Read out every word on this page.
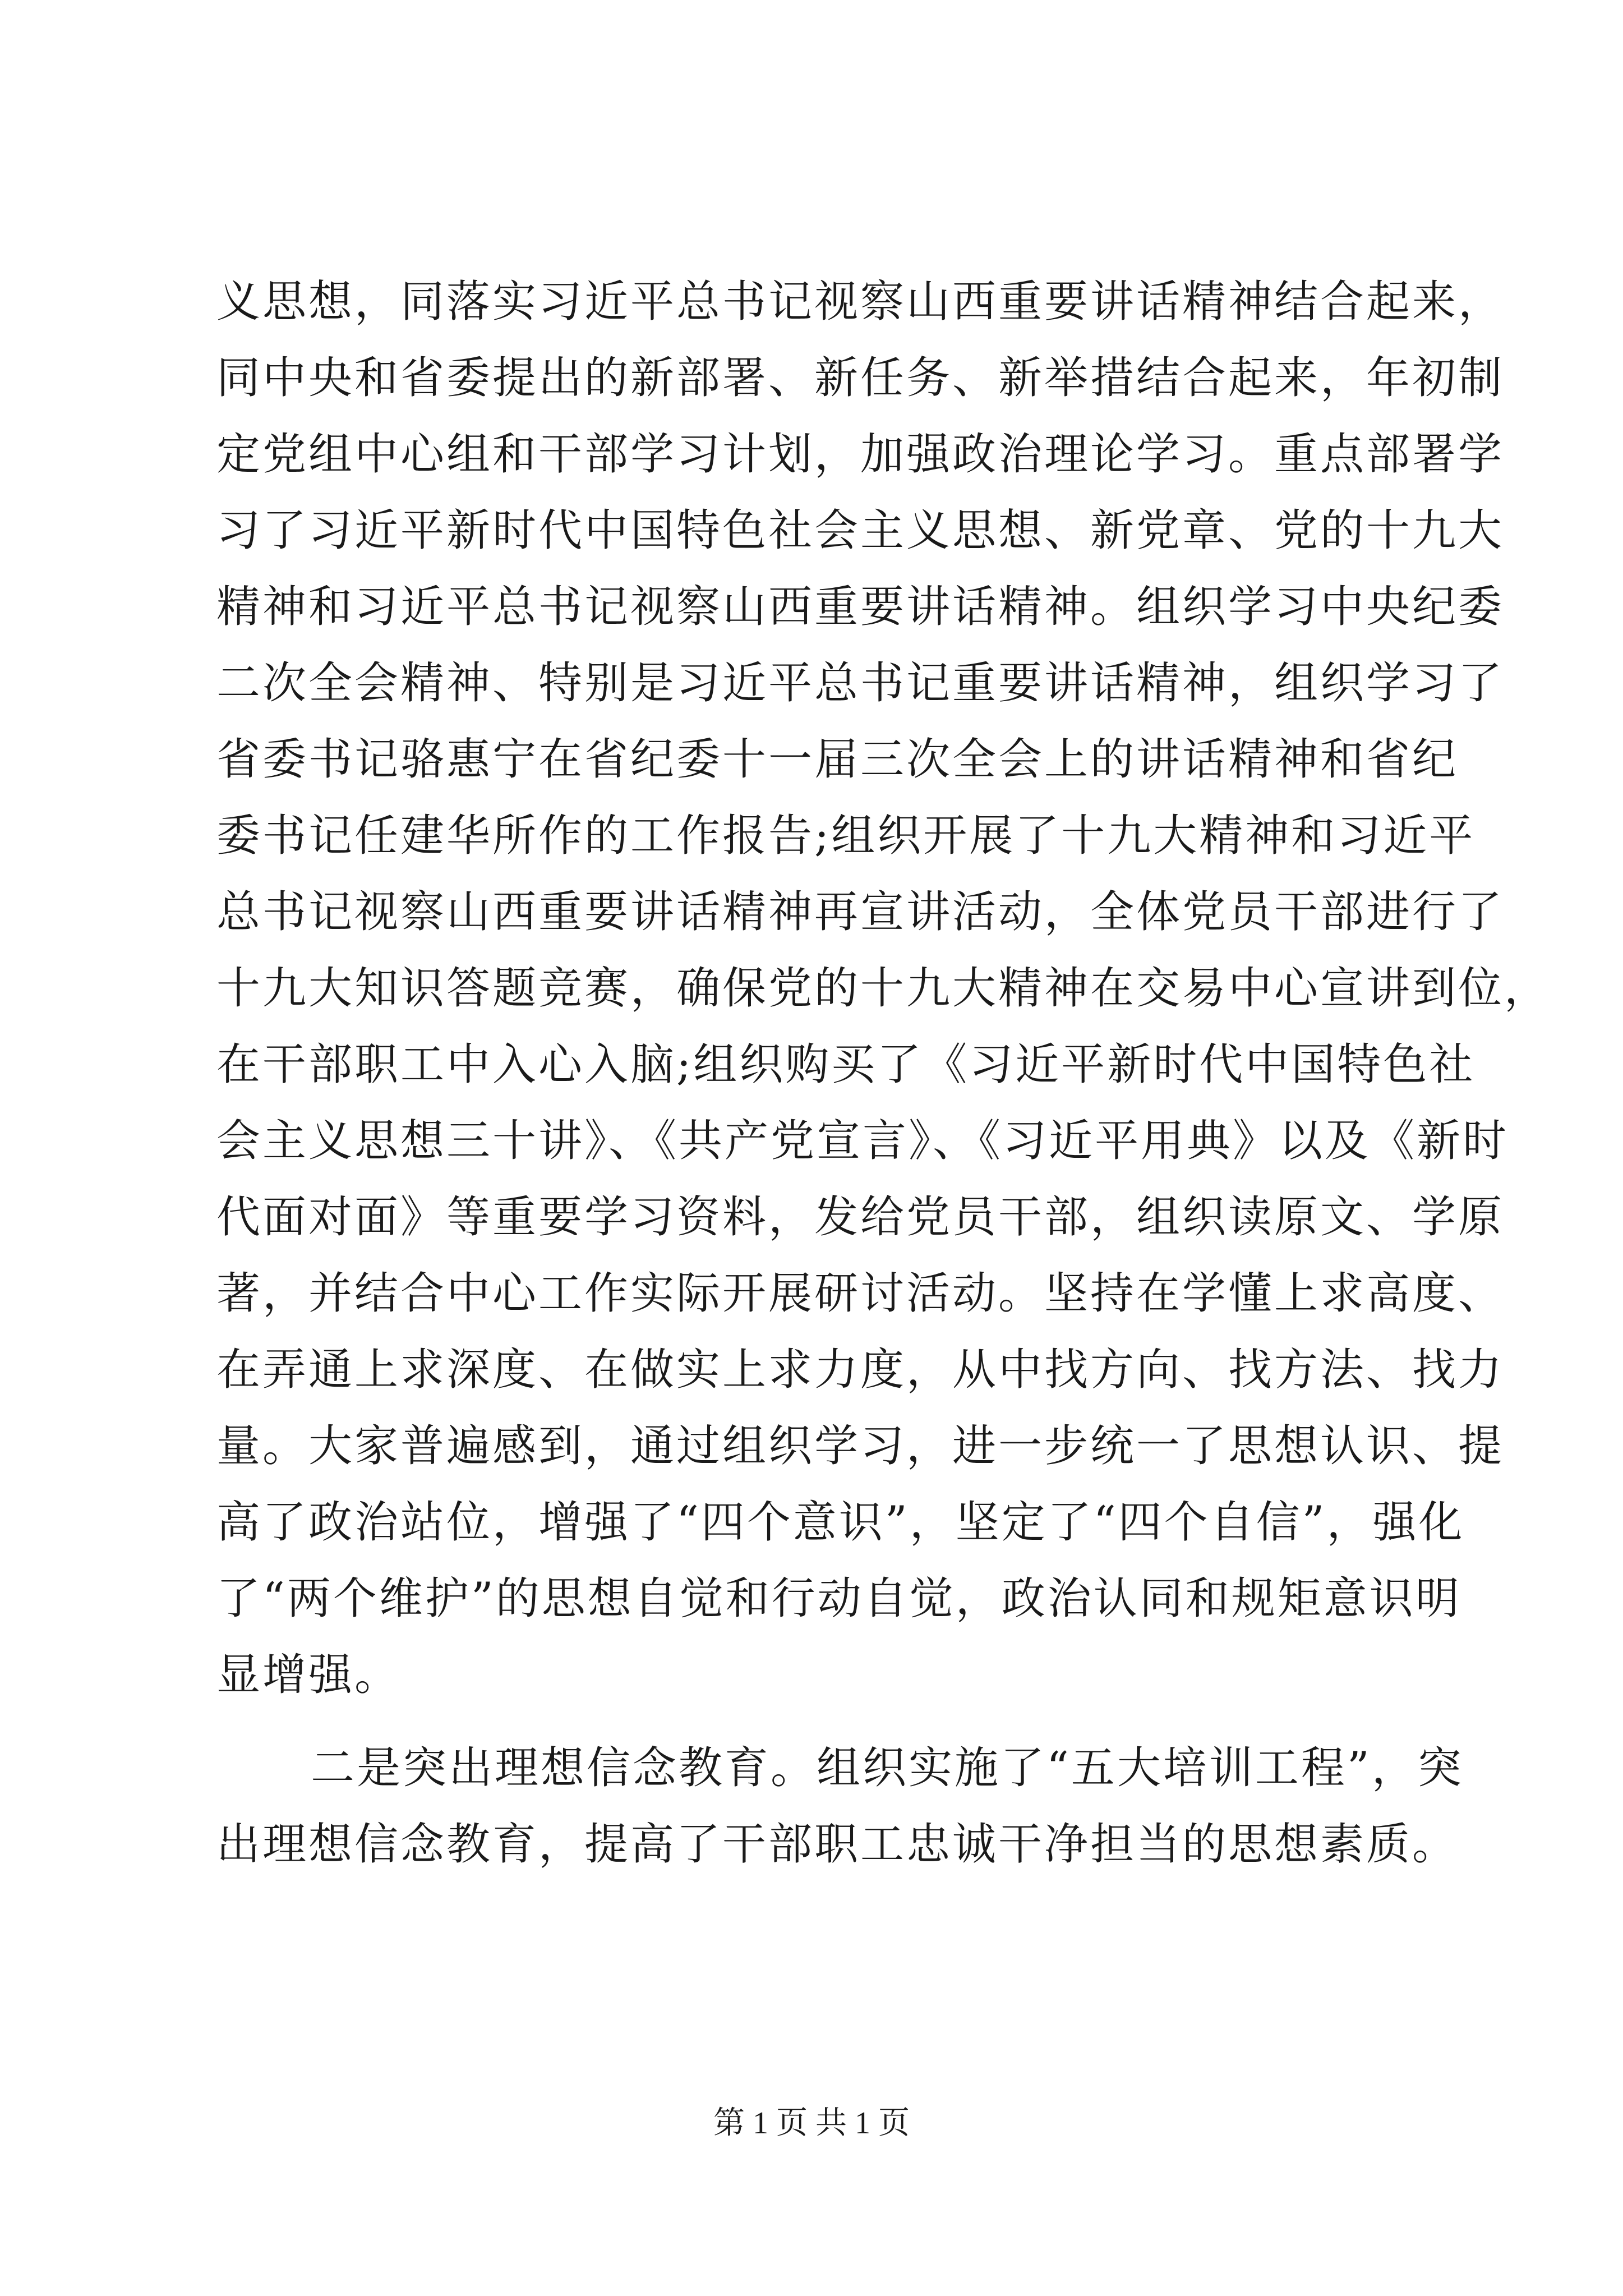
义思想，同落实习近平总书记视察山西重要讲话精神结合起来，
同中央和省委提出的新部署、新任务、新举措结合起来，年初制
定党组中心组和干部学习计划，加强政治理论学习。重点部署学
习了习近平新时代中国特色社会主义思想、新党章、党的十九大
精神和习近平总书记视察山西重要讲话精神。组织学习中央纪委
二次全会精神、特别是习近平总书记重要讲话精神，组织学习了
省委书记骆惠宁在省纪委十一届三次全会上的讲话精神和省纪
委书记任建华所作的工作报告;组织开展了十九大精神和习近平
总书记视察山西重要讲话精神再宣讲活动，全体党员干部进行了
十九大知识答题竞赛，确保党的十九大精神在交易中心宣讲到位，
在干部职工中入心入脑;组织购买了《习近平新时代中国特色社
会主义思想三十讲》、《共产党宣言》、《习近平用典》以及《新时
代面对面》等重要学习资料，发给党员干部，组织读原文、学原
著，并结合中心工作实际开展研讨活动。坚持在学懂上求高度、
在弄通上求深度、在做实上求力度，从中找方向、找方法、找力
量。大家普遍感到，通过组织学习，进一步统一了思想认识、提
高了政治站位，增强了“四个意识”，坚定了“四个自信”，强化
了“两个维护”的思想自觉和行动自觉，政治认同和规矩意识明
显增强。
二是突出理想信念教育。组织实施了“五大培训工程”，突
出理想信念教育，提高了干部职工忠诚干净担当的思想素质。
第 1 页 共 1 页
